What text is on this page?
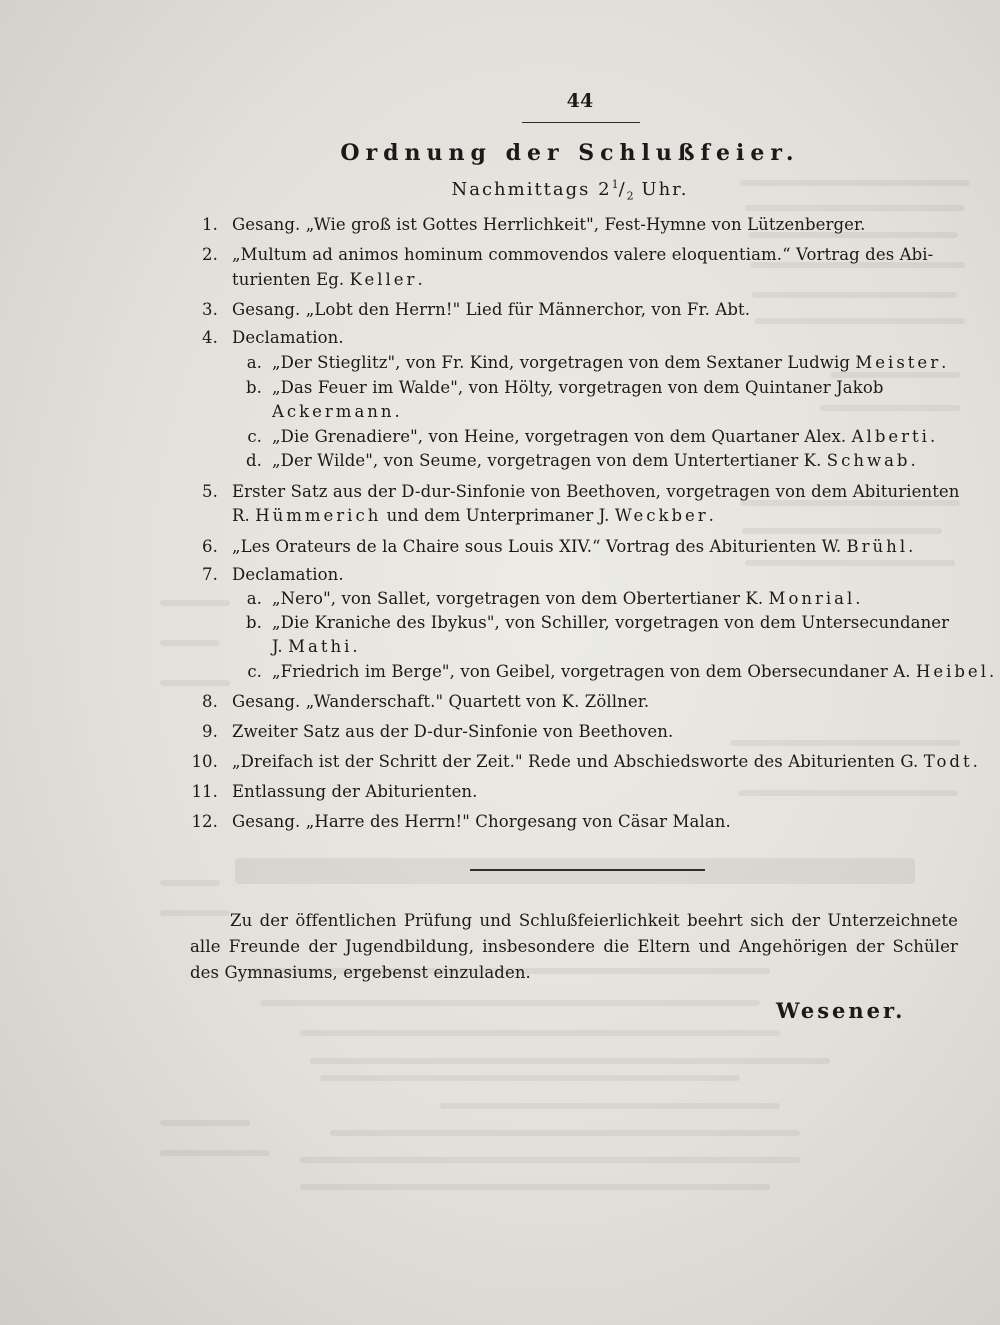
44
Ordnung der Schlußfeier.
Nachmittags $2^1/_2$ Uhr.
1. Gesang. „Wie groß ist Gottes Herrlichkeit", Fest-Hymne von Lützenberger.
2. „Multum ad animos hominum commovendos valere eloquentiam.“ Vortrag des Abi-
turienten Eg. Keller.
3. Gesang. „Lobt den Herrn!" Lied für Männerchor, von Fr. Abt.
4. Declamation.
a. „Der Stieglitz", von Fr. Kind, vorgetragen von dem Sextaner Ludwig Meister.
b. „Das Feuer im Walde", von Hölty, vorgetragen von dem Quintaner Jakob
Ackermann.
c. „Die Grenadiere", von Heine, vorgetragen von dem Quartaner Alex. Alberti.
d. „Der Wilde", von Seume, vorgetragen von dem Untertertianer K. Schwab.
5. Erster Satz aus der D-dur-Sinfonie von Beethoven, vorgetragen von dem Abiturienten
R. Hümmerich und dem Unterprimaner J. Weckber.
6. „Les Orateurs de la Chaire sous Louis XIV.“ Vortrag des Abiturienten W. Brühl.
7. Declamation.
a. „Nero", von Sallet, vorgetragen von dem Obertertianer K. Monrial.
b. „Die Kraniche des Ibykus", von Schiller, vorgetragen von dem Untersecundaner
J. Mathi.
c. „Friedrich im Berge", von Geibel, vorgetragen von dem Obersecundaner A. Heibel.
8. Gesang. „Wanderschaft." Quartett von K. Zöllner.
9. Zweiter Satz aus der D-dur-Sinfonie von Beethoven.
10. „Dreifach ist der Schritt der Zeit." Rede und Abschiedsworte des Abiturienten G. Todt.
11. Entlassung der Abiturienten.
12. Gesang. „Harre des Herrn!" Chorgesang von Cäsar Malan.
Zu der öffentlichen Prüfung und Schlußfeierlichkeit beehrt sich der Unterzeichnete alle Freunde der Jugendbildung, insbesondere die Eltern und Angehörigen der Schüler des Gymnasiums, ergebenst einzuladen.
Wesener.
